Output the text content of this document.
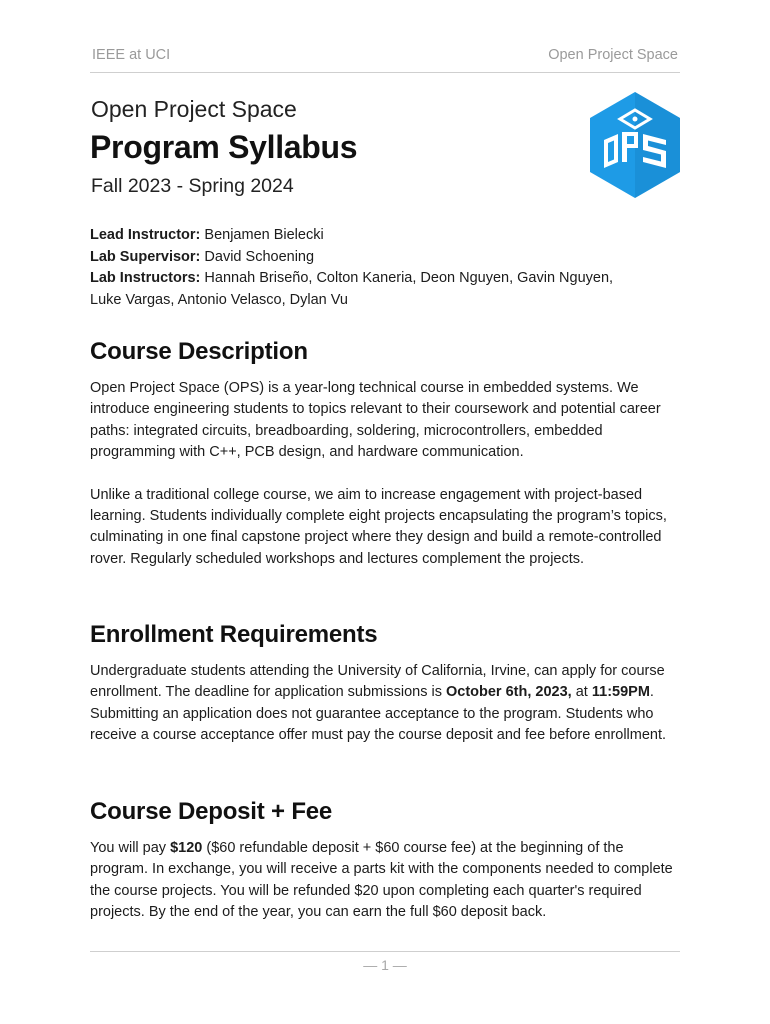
IEEE at UCI	Open Project Space
Open Project Space
Program Syllabus
Fall 2023 - Spring 2024
Lead Instructor: Benjamen Bielecki
Lab Supervisor: David Schoening
Lab Instructors: Hannah Briseño, Colton Kaneria, Deon Nguyen, Gavin Nguyen,
Luke Vargas, Antonio Velasco, Dylan Vu
Course Description

Open Project Space (OPS) is a year-long technical course in embedded systems. We introduce engineering students to topics relevant to their coursework and potential career paths: integrated circuits, breadboarding, soldering, microcontrollers, embedded programming with C++, PCB design, and hardware communication.

Unlike a traditional college course, we aim to increase engagement with project-based learning. Students individually complete eight projects encapsulating the program’s topics, culminating in one final capstone project where they design and build a remote-controlled rover. Regularly scheduled workshops and lectures complement the projects.

Enrollment Requirements

Undergraduate students attending the University of California, Irvine, can apply for course enrollment. The deadline for application submissions is October 6th, 2023, at 11:59PM. Submitting an application does not guarantee acceptance to the program. Students who receive a course acceptance offer must pay the course deposit and fee before enrollment.

Course Deposit + Fee

You will pay $120 ($60 refundable deposit + $60 course fee) at the beginning of the program. In exchange, you will receive a parts kit with the components needed to complete the course projects. You will be refunded $20 upon completing each quarter's required projects. By the end of the year, you can earn the full $60 deposit back.

— 1 —
